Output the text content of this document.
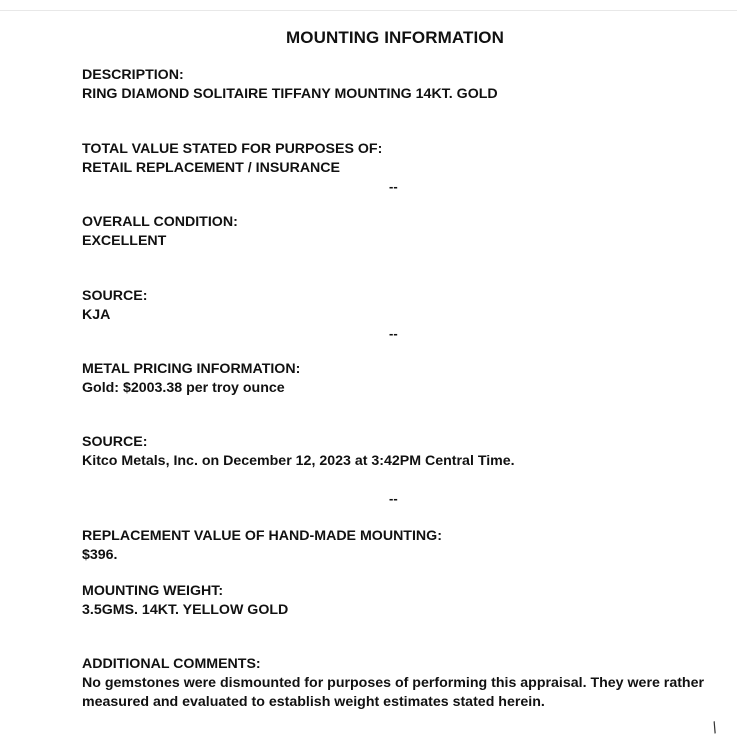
MOUNTING INFORMATION
DESCRIPTION:
RING DIAMOND SOLITAIRE TIFFANY MOUNTING 14KT. GOLD
TOTAL VALUE STATED FOR PURPOSES OF:
RETAIL REPLACEMENT / INSURANCE
--
OVERALL CONDITION:
EXCELLENT
SOURCE:
KJA
--
METAL PRICING INFORMATION:
Gold: $2003.38 per troy ounce
SOURCE:
Kitco Metals, Inc. on December 12, 2023 at 3:42PM Central Time.
--
REPLACEMENT VALUE OF HAND-MADE MOUNTING:
$396.
MOUNTING WEIGHT:
3.5GMS. 14KT. YELLOW GOLD
ADDITIONAL COMMENTS:
No gemstones were dismounted for purposes of performing this appraisal. They were rather measured and evaluated to establish weight estimates stated herein.
/
